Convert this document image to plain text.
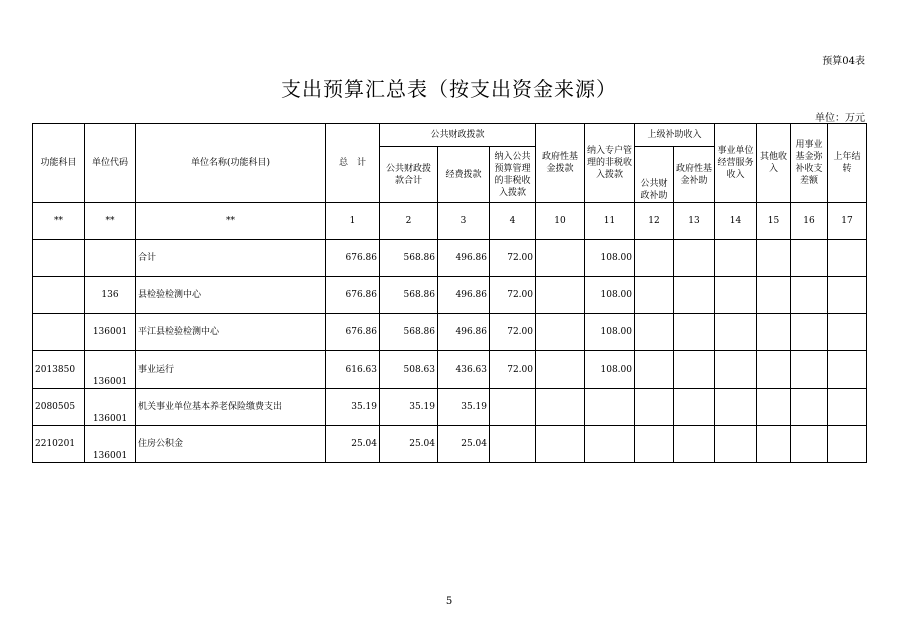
预算04表
支出预算汇总表（按支出资金来源）
单位：万元
功能科目	单位代码	单位名称(功能科目)	总　计	公共财政拨款			政府性基金拨款	纳入专户管理的非税收入拨款	上级补助收入		事业单位经营服务收入	其他收入	用事业基金弥补收支差额	上年结转
				公共财政拨款合计	经费拨款	纳入公共预算管理的非税收入拨款			公共财政补助	政府性基金补助				

**	**	**	1	2	3	4	10	11	12	13	14	15	16	17
		合计	676.86	568.86	496.86	72.00		108.00						
	136	县检验检测中心	676.86	568.86	496.86	72.00		108.00						
	136001	平江县检验检测中心	676.86	568.86	496.86	72.00		108.00						
2013850	136001	事业运行	616.63	508.63	436.63	72.00		108.00						
2080505	136001	机关事业单位基本养老保险缴费支出	35.19	35.19	35.19									
2210201	136001	住房公积金	25.04	25.04	25.04									
5
